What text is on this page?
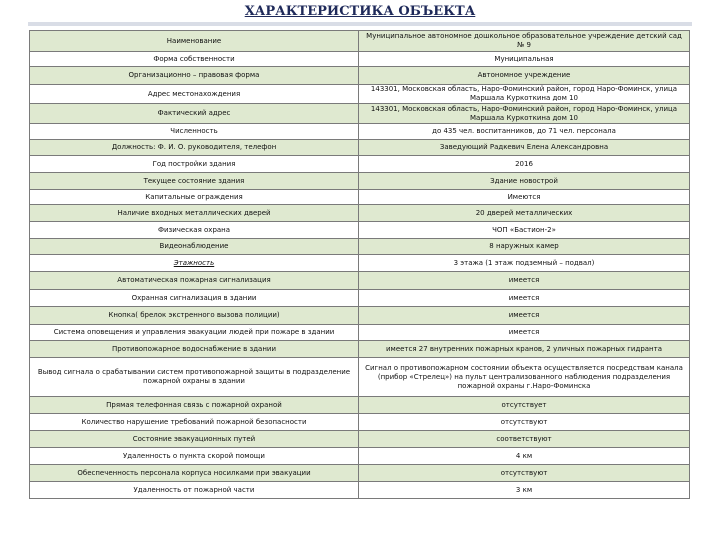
ХАРАКТЕРИСТИКА ОБЪЕКТА
Наименование	Муниципальное автономное дошкольное образовательное учреждение детский сад № 9
Форма собственности	Муниципальная
Организационно – правовая форма	Автономное учреждение
Адрес местонахождения	143301, Московская область, Наро-Фоминский район, город Наро-Фоминск, улица Маршала Куркоткина дом 10
Фактический адрес	143301, Московская область, Наро-Фоминский район, город Наро-Фоминск, улица Маршала Куркоткина дом 10
Численность	до 435 чел. воспитанников, до 71 чел. персонала
Должность: Ф. И. О. руководителя, телефон	Заведующий Радкевич Елена Александровна
Год постройки здания	2016
Текущее состояние здания	Здание новострой
Капитальные ограждения	Имеются
Наличие входных металлических дверей	20 дверей металлических
Физическая охрана	ЧОП «Бастион-2»
Видеонаблюдение	8 наружных камер
Этажность	3 этажа (1 этаж подземный – подвал)
Автоматическая пожарная сигнализация	имеется
Охранная сигнализация в здании	имеется
Кнопка( брелок экстренного вызова полиции)	имеется
Система оповещения и управления эвакуации людей при пожаре в здании	имеется
Противопожарное водоснабжение в здании	имеется 27 внутренних пожарных кранов, 2 уличных пожарных гидранта
Вывод сигнала о срабатывании систем противопожарной защиты в подразделение пожарной охраны в здании	Сигнал о противопожарном состоянии объекта осуществляется посредствам канала (прибор «Стрелец») на пульт централизованного наблюдения подразделения пожарной охраны г.Наро-Фоминска
Прямая телефонная связь с пожарной охраной	отсутствует
Количество нарушение требований пожарной безопасности	отсутствуют
Состояние эвакуационных путей	соответствуют
Удаленность о пункта скорой помощи	4 км
Обеспеченность персонала корпуса носилками при эвакуации	отсутствуют
Удаленность от пожарной части	3 км
